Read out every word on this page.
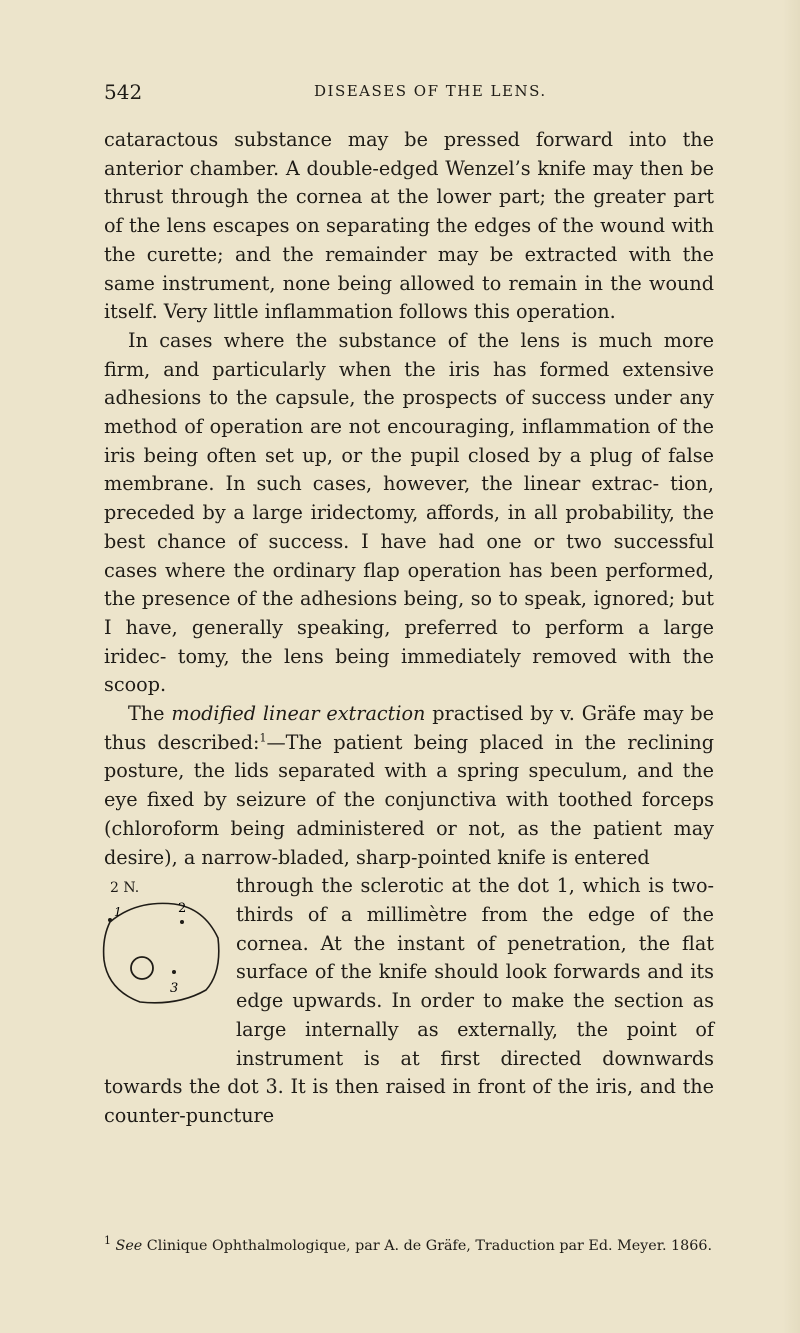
542	DISEASES OF THE LENS.

cataractous substance may be pressed forward into the anterior chamber. A double-edged Wenzel’s knife may then be thrust through the cornea at the lower part; the greater part of the lens escapes on separating the edges of the wound with the curette; and the remainder may be extracted with the same instrument, none being allowed to remain in the wound itself. Very little inflammation follows this operation.

In cases where the substance of the lens is much more firm, and particularly when the iris has formed extensive adhesions to the capsule, the prospects of success under any method of operation are not encouraging, inflammation of the iris being often set up, or the pupil closed by a plug of false membrane. In such cases, however, the linear extrac- tion, preceded by a large iridectomy, affords, in all probability, the best chance of success. I have had one or two successful cases where the ordinary flap operation has been performed, the presence of the adhesions being, so to speak, ignored; but I have, generally speaking, preferred to perform a large iridec- tomy, the lens being immediately removed with the scoop.

The modified linear extraction practised by v. Gräfe may be thus described:$^1$—The patient being placed in the reclining posture, the lids separated with a spring speculum, and the eye fixed by seizure of the conjunctiva with toothed forceps (chloroform being administered or not, as the patient may desire), a narrow-bladed, sharp-pointed knife is entered

2 N.
1	2
3

through the sclerotic at the dot 1, which is two-thirds of a millimètre from the edge of the cornea. At the instant of penetration, the flat surface of the knife should look forwards and its edge upwards. In order to make the section as large internally as externally, the point of instrument is at first directed downwards towards the dot 3. It is then raised in front of the iris, and the counter-puncture

$^1$ See Clinique Ophthalmologique, par A. de Gräfe, Traduction par Ed. Meyer. 1866.
